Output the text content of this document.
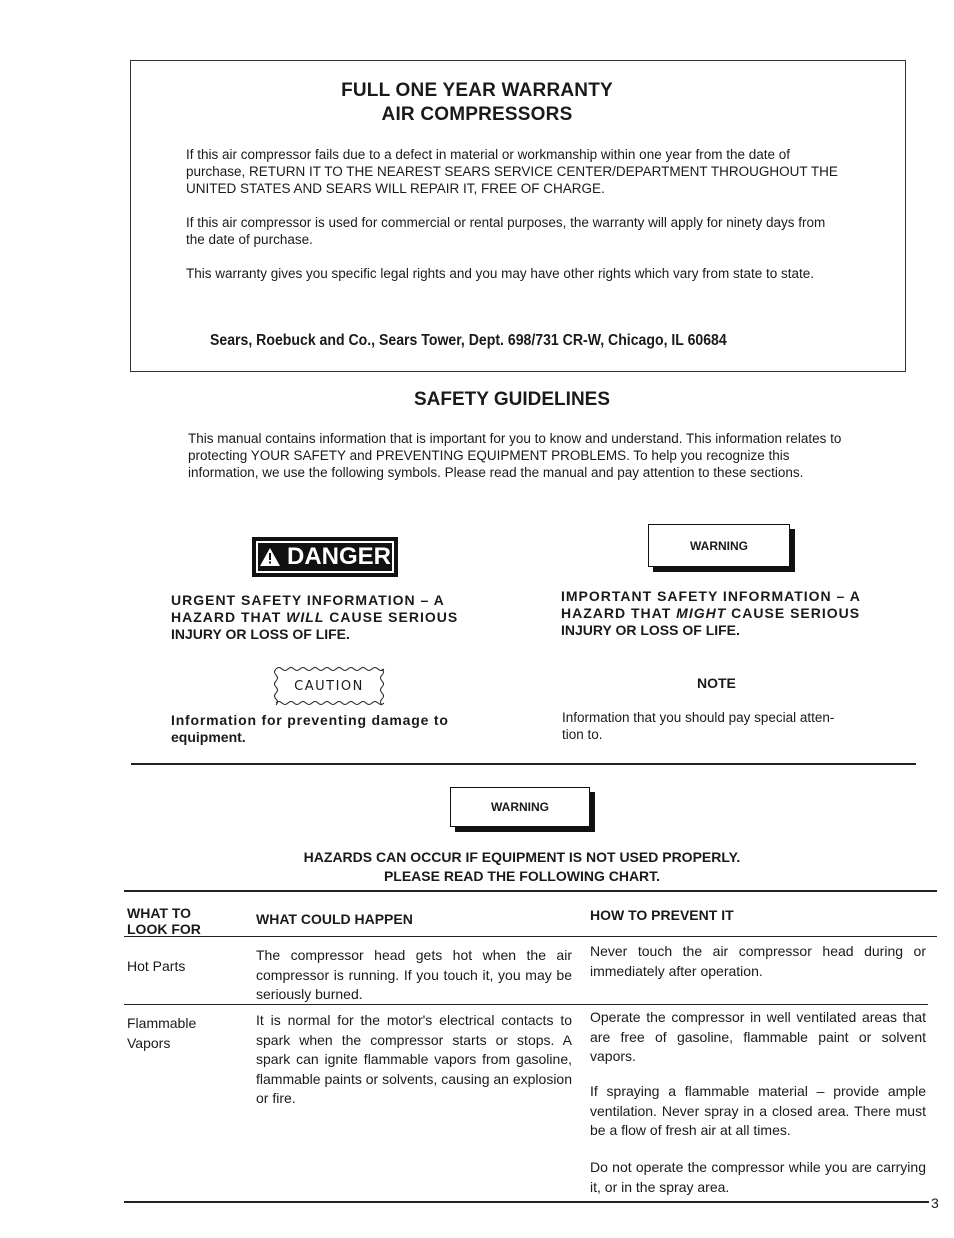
FULL ONE YEAR WARRANTY
AIR COMPRESSORS
If this air compressor fails due to a defect in material or workmanship within one year from the date of purchase, RETURN IT TO THE NEAREST SEARS SERVICE CENTER/DEPARTMENT THROUGHOUT THE UNITED STATES AND SEARS WILL REPAIR IT, FREE OF CHARGE.
If this air compressor is used for commercial or rental purposes, the warranty will apply for ninety days from the date of purchase.
This warranty gives you specific legal rights and you may have other rights which vary from state to state.
Sears, Roebuck and Co., Sears Tower, Dept. 698/731 CR-W, Chicago, IL 60684
SAFETY GUIDELINES
This manual contains information that is important for you to know and understand. This information relates to protecting YOUR SAFETY and PREVENTING EQUIPMENT PROBLEMS. To help you recognize this information, we use the following symbols. Please read the manual and pay attention to these sections.
DANGER
URGENT SAFETY INFORMATION – A
HAZARD THAT WILL CAUSE SERIOUS
INJURY OR LOSS OF LIFE.
WARNING
IMPORTANT SAFETY INFORMATION – A
HAZARD THAT MIGHT CAUSE SERIOUS
INJURY OR LOSS OF LIFE.
CAUTION
Information for preventing damage to
equipment.
NOTE
Information that you should pay special atten-
tion to.
WARNING
HAZARDS CAN OCCUR IF EQUIPMENT IS NOT USED PROPERLY.
PLEASE READ THE FOLLOWING CHART.
WHAT TO
LOOK FOR
WHAT COULD HAPPEN	HOW TO PREVENT IT
Hot Parts
The compressor head gets hot when the air compressor is running. If you touch it, you may be seriously burned.
Never touch the air compressor head during or immediately after operation.
Flammable
Vapors
It is normal for the motor's electrical contacts to spark when the compressor starts or stops. A spark can ignite flammable vapors from gasoline, flammable paints or solvents, causing an explosion or fire.
Operate the compressor in well ventilated areas that are free of gasoline, flammable paint or solvent vapors.
If spraying a flammable material – provide ample ventilation. Never spray in a closed area. There must be a flow of fresh air at all times.
Do not operate the compressor while you are carrying it, or in the spray area.
3
